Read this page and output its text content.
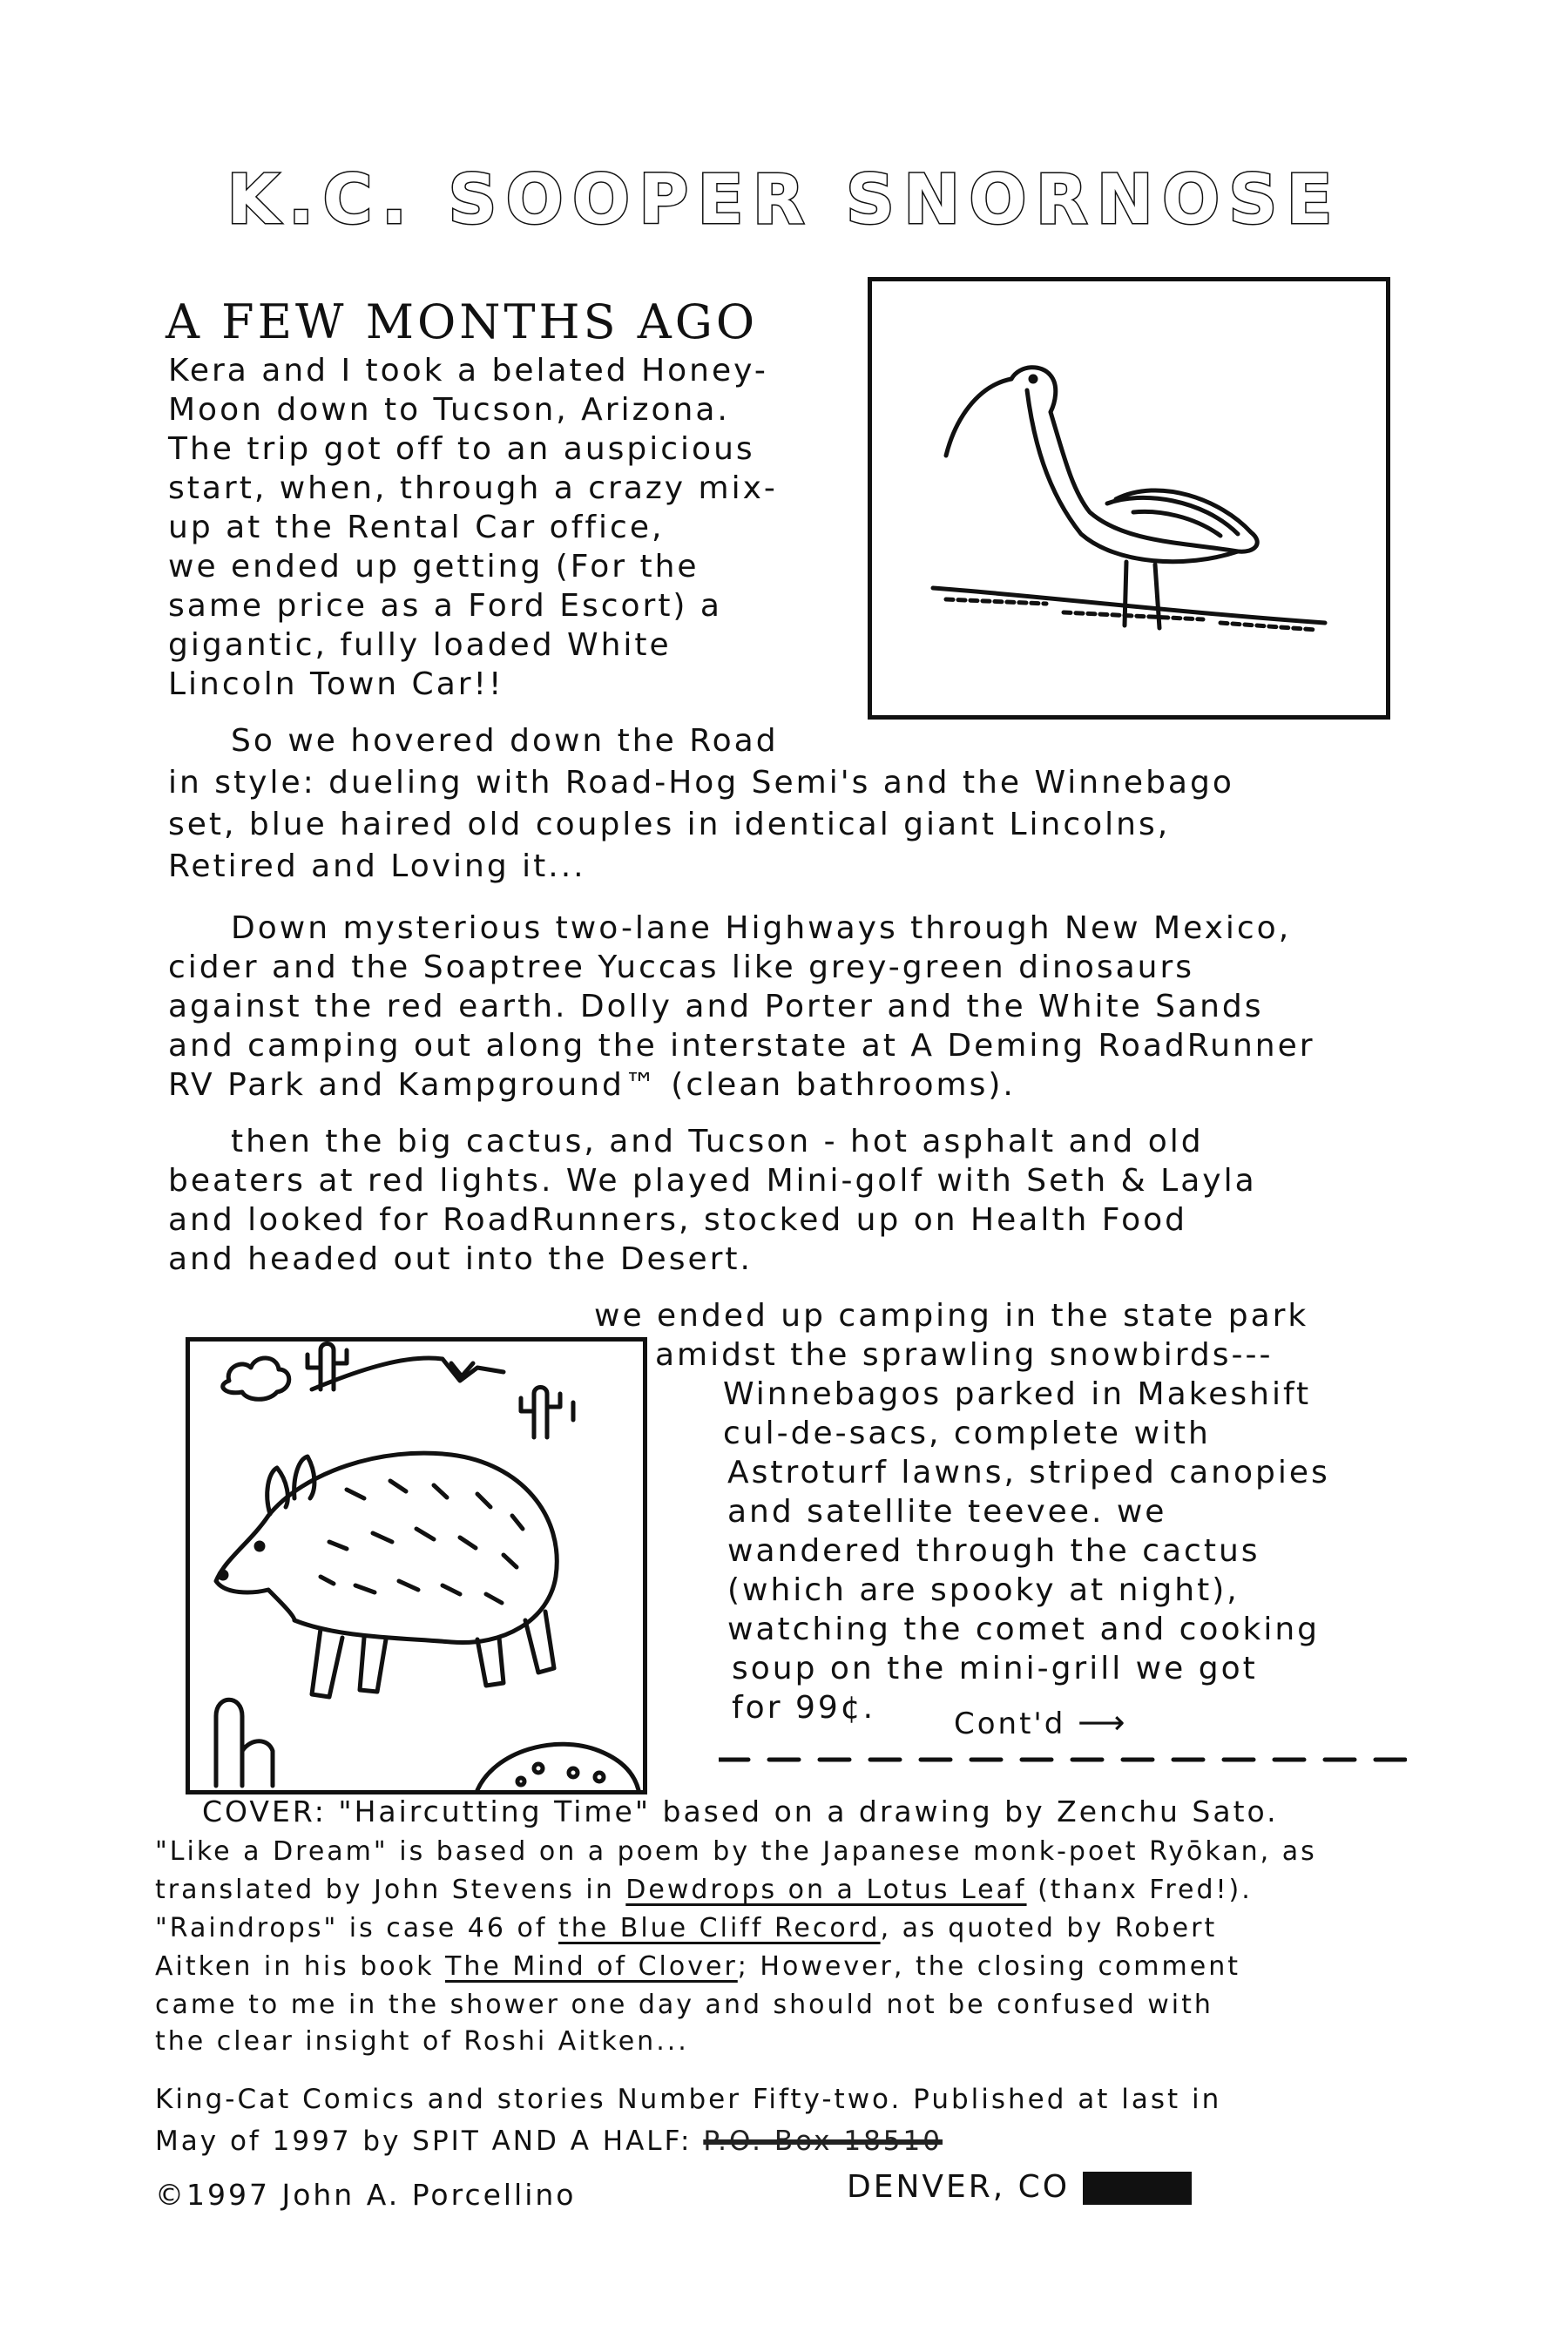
K.C. SOOPER SNORNOSE
A FEW MONTHS AGO
Kera and I took a belated Honey-
Moon down to Tucson, Arizona.
The trip got off to an auspicious
start, when, through a crazy mix-
up at the Rental Car office,
we ended up getting (For the
same price as a Ford Escort) a
gigantic, fully loaded White
Lincoln Town Car!!
So we hovered down the Road
in style: dueling with Road-Hog Semi's and the Winnebago
set, blue haired old couples in identical giant Lincolns,
Retired and Loving it...
Down mysterious two-lane Highways through New Mexico,
cider and the Soaptree Yuccas like grey-green dinosaurs
against the red earth. Dolly and Porter and the White Sands
and camping out along the interstate at A Deming RoadRunner
RV Park and Kampground™ (clean bathrooms).
then the big cactus, and Tucson - hot asphalt and old
beaters at red lights. We played Mini-golf with Seth & Layla
and looked for RoadRunners, stocked up on Health Food
and headed out into the Desert.
we ended up camping in the state park
amidst the sprawling snowbirds---
Winnebagos parked in Makeshift
cul-de-sacs, complete with
Astroturf lawns, striped canopies
and satellite teevee. we
wandered through the cactus
(which are spooky at night),
watching the comet and cooking
soup on the mini-grill we got
for 99¢.	Cont'd ⟶
COVER: "Haircutting Time" based on a drawing by Zenchu Sato.
"Like a Dream" is based on a poem by the Japanese monk-poet Ryōkan, as
translated by John Stevens in Dewdrops on a Lotus Leaf (thanx Fred!).
"Raindrops" is case 46 of the Blue Cliff Record, as quoted by Robert
Aitken in his book The Mind of Clover; However, the closing comment
came to me in the shower one day and should not be confused with
the clear insight of Roshi Aitken...
King-Cat Comics and stories Number Fifty-two. Published at last in
May of 1997 by SPIT AND A HALF: P.O. Box 18510
©1997 John A. Porcellino	DENVER, CO
